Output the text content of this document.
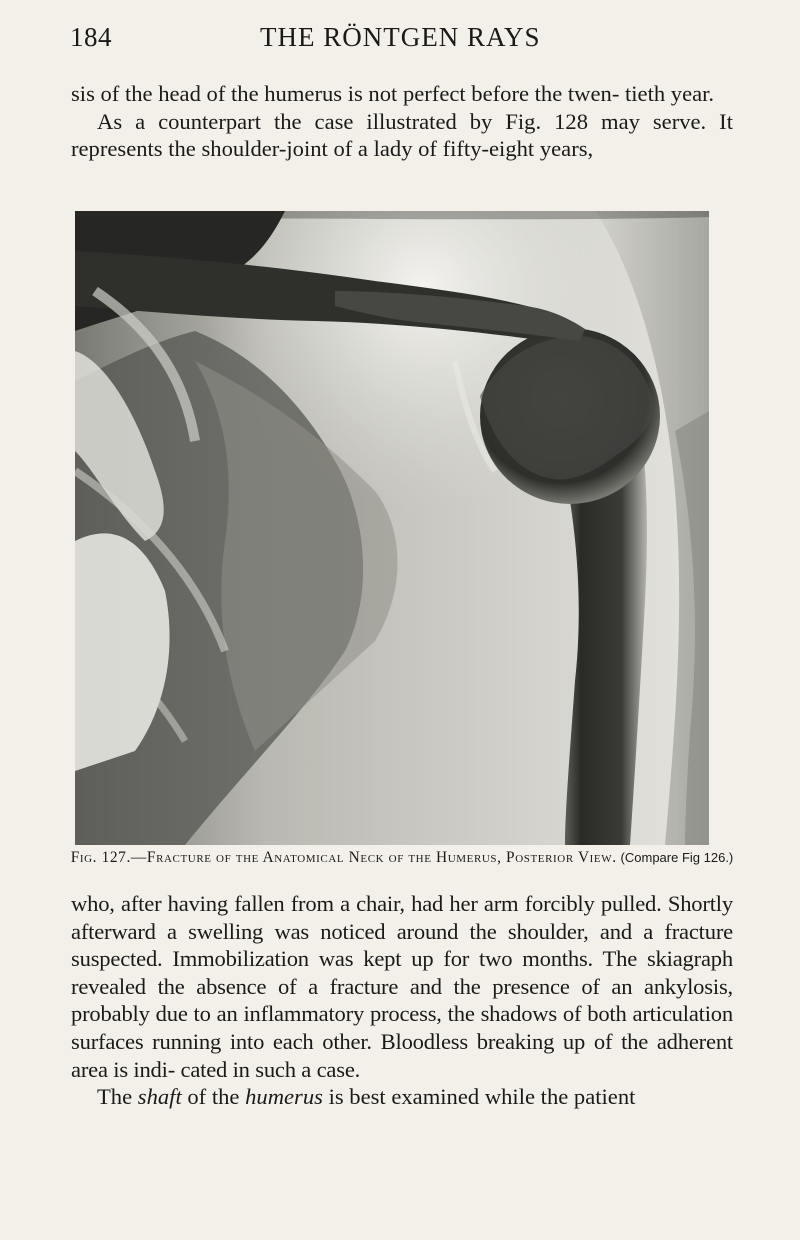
184	THE RÖNTGEN RAYS

sis of the head of the humerus is not perfect before the twen- tieth year.

As a counterpart the case illustrated by Fig. 128 may serve. It represents the shoulder-joint of a lady of fifty-eight years,

Fig. 127.—Fracture of the Anatomical Neck of the Humerus, Posterior View. (Compare Fig 126.)

who, after having fallen from a chair, had her arm forcibly pulled. Shortly afterward a swelling was noticed around the shoulder, and a fracture suspected. Immobilization was kept up for two months. The skiagraph revealed the absence of a fracture and the presence of an ankylosis, probably due to an inflammatory process, the shadows of both articulation surfaces running into each other. Bloodless breaking up of the adherent area is indi- cated in such a case.

The shaft of the humerus is best examined while the patient
